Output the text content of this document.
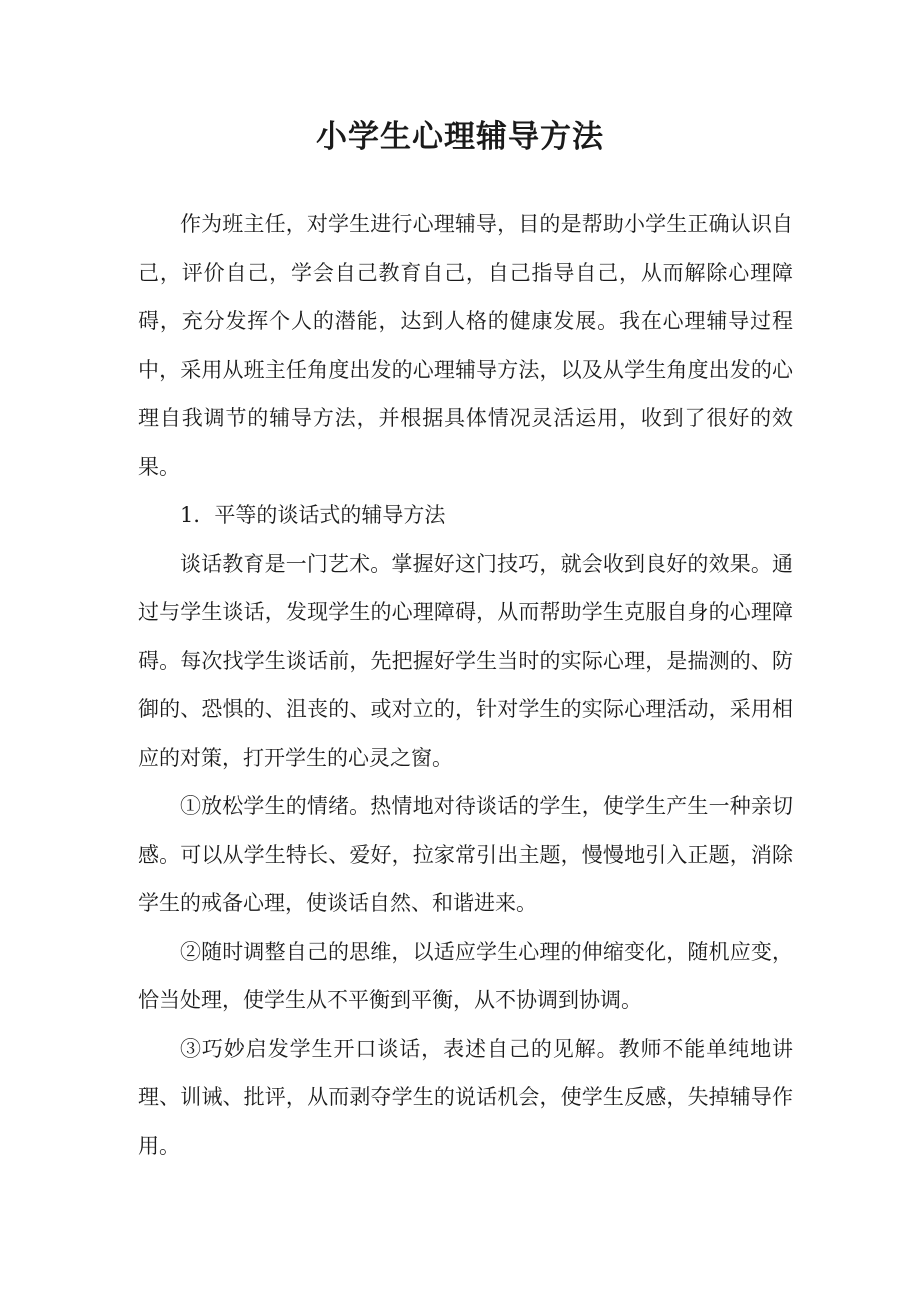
小学生心理辅导方法

作为班主任，对学生进行心理辅导，目的是帮助小学生正确认识自己，评价自己，学会自己教育自己，自己指导自己，从而解除心理障碍，充分发挥个人的潜能，达到人格的健康发展。我在心理辅导过程中，采用从班主任角度出发的心理辅导方法，以及从学生角度出发的心理自我调节的辅导方法，并根据具体情况灵活运用，收到了很好的效果。

1．平等的谈话式的辅导方法

谈话教育是一门艺术。掌握好这门技巧，就会收到良好的效果。通过与学生谈话，发现学生的心理障碍，从而帮助学生克服自身的心理障碍。每次找学生谈话前，先把握好学生当时的实际心理，是揣测的、防御的、恐惧的、沮丧的、或对立的，针对学生的实际心理活动，采用相应的对策，打开学生的心灵之窗。

①放松学生的情绪。热情地对待谈话的学生，使学生产生一种亲切感。可以从学生特长、爱好，拉家常引出主题，慢慢地引入正题，消除学生的戒备心理，使谈话自然、和谐进来。

②随时调整自己的思维，以适应学生心理的伸缩变化，随机应变，恰当处理，使学生从不平衡到平衡，从不协调到协调。

③巧妙启发学生开口谈话，表述自己的见解。教师不能单纯地讲理、训诫、批评，从而剥夺学生的说话机会，使学生反感，失掉辅导作用。
